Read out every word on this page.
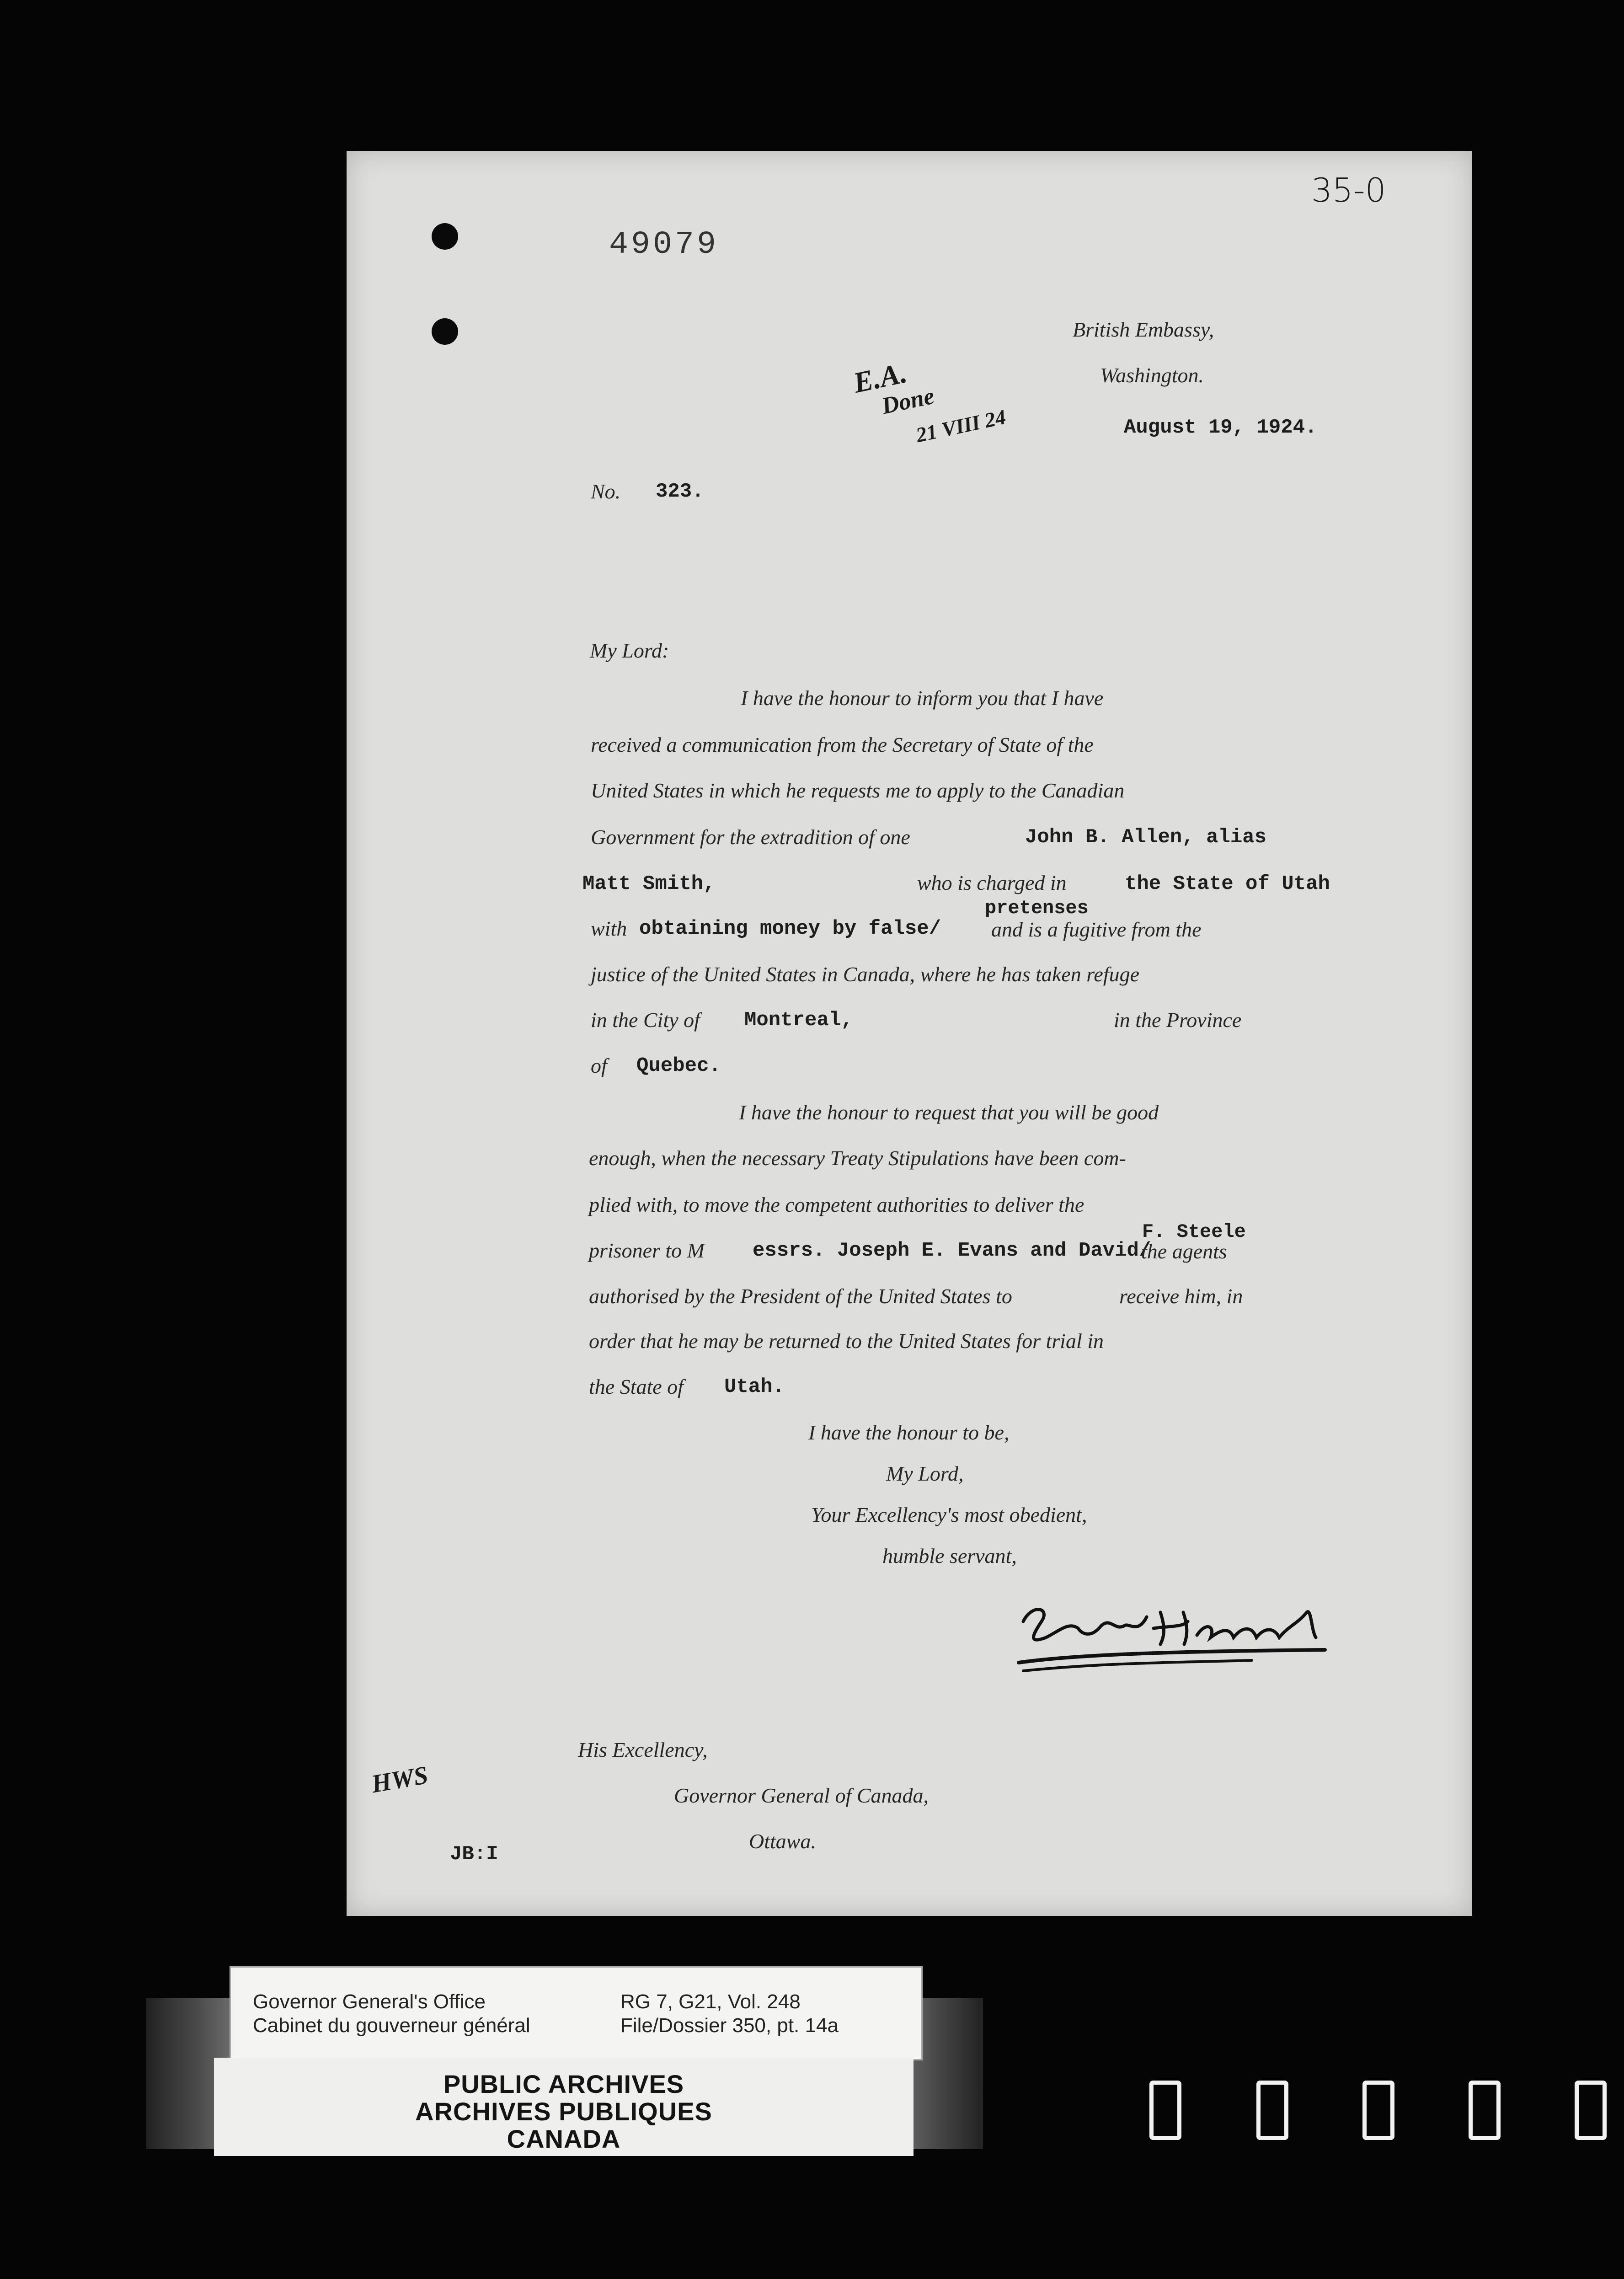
49079
35-0
E.A.
Done
21 VIII 24
British Embassy,
Washington.
August 19, 1924.
No. 323.
My Lord:
I have the honour to inform you that I have
received a communication from the Secretary of State of the
United States in which he requests me to apply to the Canadian
Government for the extradition of one	John B. Allen, alias
Matt Smith,	who is charged in	the State of Utah
pretenses
with obtaining money by false/ and is a fugitive from the
justice of the United States in Canada, where he has taken refuge
in the City of Montreal,	in the Province
of Quebec.
I have the honour to request that you will be good
enough, when the necessary Treaty Stipulations have been com-
plied with, to move the competent authorities to deliver the
F. Steele
prisoner to M essrs. Joseph E. Evans and David/
the agents
authorised by the President of the United States to	receive him, in
order that he may be returned to the United States for trial in
the State of Utah.
I have the honour to be,
My Lord,
Your Excellency's most obedient,
humble servant,
His Excellency,
Governor General of Canada,
Ottawa.
HWS
JB:I
Governor General's Office
Cabinet du gouverneur général
RG 7, G21, Vol. 248
File/Dossier 350, pt. 14a
PUBLIC ARCHIVES
ARCHIVES PUBLIQUES
CANADA
